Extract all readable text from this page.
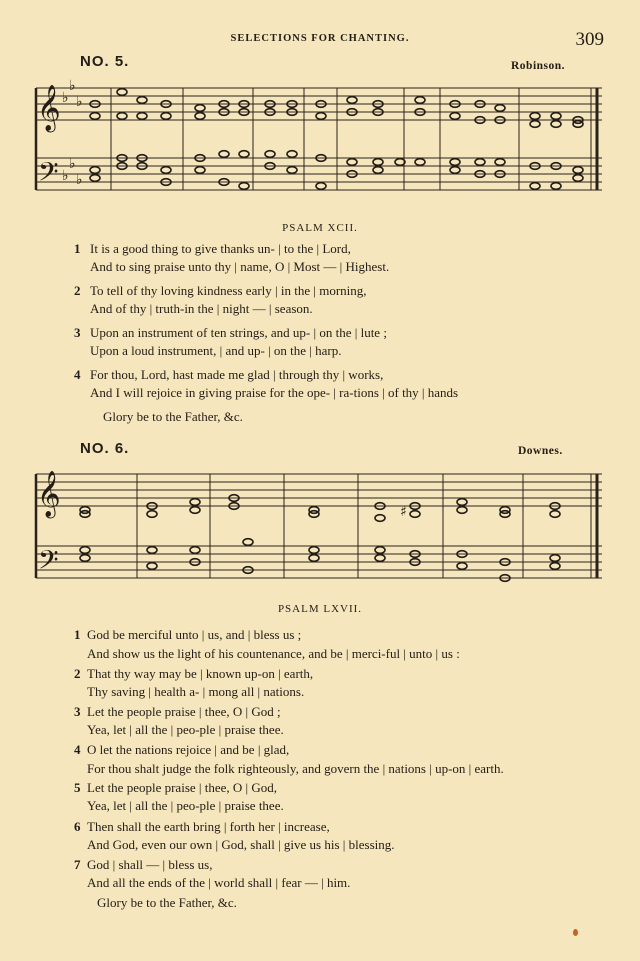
SELECTIONS FOR CHANTING.	309
NO. 5.	Robinson.
𝄞
𝄢
♭
♭
♭
♭
♭
♭
PSALM XCII.
1 It is a good thing to give thanks un- | to the | Lord,
And to sing praise unto thy | name, O | Most — | Highest.
2 To tell of thy loving kindness early | in the | morning,
And of thy | truth-in the | night — | season.
3 Upon an instrument of ten strings, and up- | on the | lute ;
Upon a loud instrument, | and up- | on the | harp.
4 For thou, Lord, hast made me glad | through thy | works,
And I will rejoice in giving praise for the ope- | ra-tions | of thy | hands
Glory be to the Father, &c.
NO. 6.	Downes.
𝄞
𝄢
♯
PSALM LXVII.
1 God be merciful unto | us, and | bless us ;
And show us the light of his countenance, and be | merci-ful | unto | us :
2 That thy way may be | known up-on | earth,
Thy saving | health a- | mong all | nations.
3 Let the people praise | thee, O | God ;
Yea, let | all the | peo-ple | praise thee.
4 O let the nations rejoice | and be | glad,
For thou shalt judge the folk righteously, and govern the | nations | up-on | earth.
5 Let the people praise | thee, O | God,
Yea, let | all the | peo-ple | praise thee.
6 Then shall the earth bring | forth her | increase,
And God, even our own | God, shall | give us his | blessing.
7 God | shall — | bless us,
And all the ends of the | world shall | fear — | him.
Glory be to the Father, &c.
